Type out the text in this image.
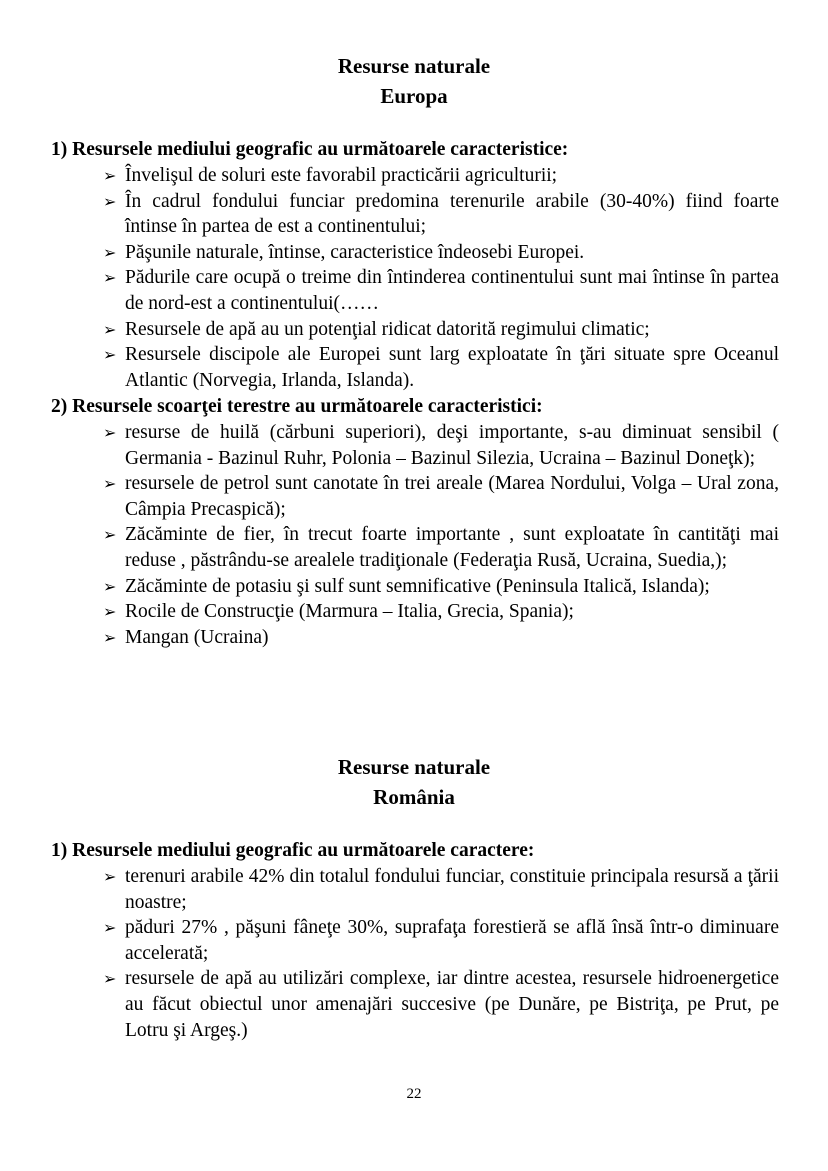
Resurse naturale
Europa
1) Resursele mediului geografic au următoarele caracteristice:
➢ Învelişul de soluri este favorabil practicării agriculturii;
➢ În cadrul fondului funciar predomina terenurile arabile (30-40%) fiind foarte întinse în partea de est a continentului;
➢ Păşunile naturale, întinse, caracteristice îndeosebi Europei.
➢ Pădurile care ocupă o treime din întinderea continentului sunt mai întinse în partea de nord-est a continentului(……
➢ Resursele de apă au un potenţial ridicat datorită regimului climatic;
➢ Resursele discipole ale Europei sunt larg exploatate în ţări situate spre Oceanul Atlantic (Norvegia, Irlanda, Islanda).
2) Resursele scoarţei terestre au următoarele caracteristici:
➢ resurse de huilă (cărbuni superiori), deşi importante, s-au diminuat sensibil ( Germania - Bazinul Ruhr, Polonia – Bazinul Silezia, Ucraina – Bazinul Doneţk);
➢ resursele de petrol sunt canotate în trei areale (Marea Nordului, Volga – Ural zona, Câmpia Precaspică);
➢ Zăcăminte de fier, în trecut foarte importante , sunt exploatate în cantităţi mai reduse , păstrându-se arealele tradiţionale (Federaţia Rusă, Ucraina, Suedia,);
➢ Zăcăminte de potasiu şi sulf sunt semnificative (Peninsula Italică, Islanda);
➢ Rocile de Construcţie (Marmura – Italia, Grecia, Spania);
➢ Mangan (Ucraina)
Resurse naturale
România
1) Resursele mediului geografic au următoarele caractere:
➢ terenuri arabile 42% din totalul fondului funciar, constituie principala resursă a ţării noastre;
➢ păduri 27% , păşuni fâneţe 30%, suprafaţa forestieră se află însă într-o diminuare accelerată;
➢ resursele de apă au utilizări complexe, iar dintre acestea, resursele hidroenergetice au făcut obiectul unor amenajări succesive (pe Dunăre, pe Bistriţa, pe Prut, pe Lotru şi Argeş.)
22
